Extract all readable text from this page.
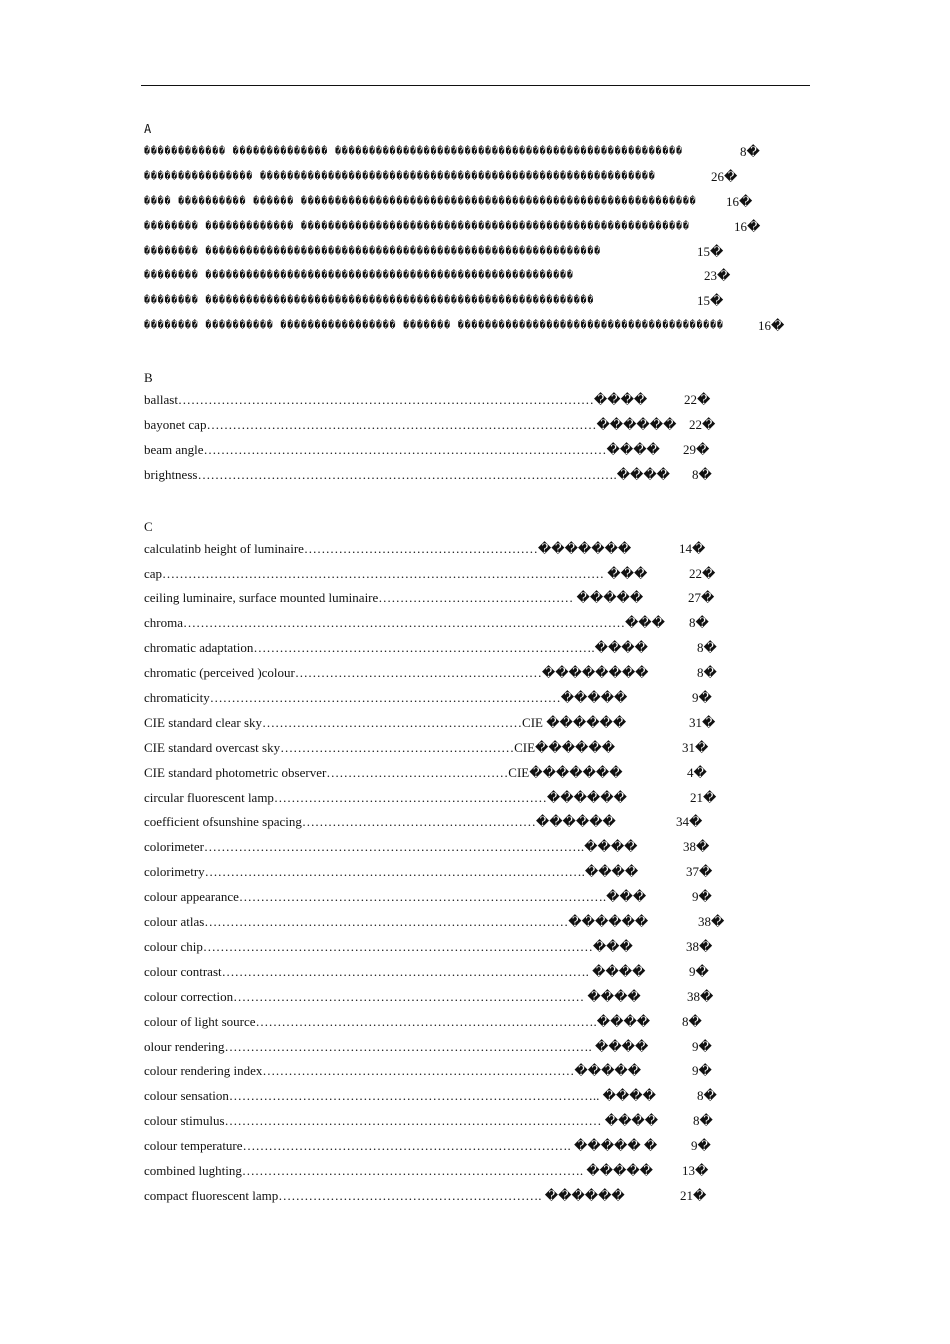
A
������������ �������������� ���������������������������������������������������	8�
���������������� ����������������������������������������������������������	26�
���� ���������� ������ ���������������������������������������������������������� 16�
�������� ������������� ���������������������������������������������������������	16�
�������� ����������������������������������������������������������	15�
�������� ������������������������������������������������������	23�
�������� ���������������������������������������������������������	15�
�������� ���������� ����������������� ������� ���������������������������������������	16�
B
ballast……………………………………………………………………………………����	22�
bayonet cap………………………………………………………………………………������ 22�
beam angle…………………………………………………………………………………���� 29�
brightness…………………………………………………………………………………….���� 8�
C
calculatinb height of luminaire………………………………………………�������	14�
cap………………………………………………………………………………………… ���	22�
ceiling luminaire, surface mounted luminaire……………………………………… �����	27�
chroma…………………………………………………………………………………………��� 8�
chromatic adaptation…………………………………………………………………….����	8�
chromatic (perceived )colour…………………………………………………��������	8�
chromaticity………………………………………………………………………�����	9�
CIE standard clear sky……………………………………………………CIE ������	31�
CIE standard overcast sky………………………………………………CIE������	31�
CIE standard photometric observer……………………………………CIE�������	4�
circular fluorescent lamp………………………………………………………������	21�
coefficient ofsunshine spacing………………………………………………������	34�
colorimeter…………………………………………………………………………….����	38�
colorimetry…………………………………………………………………………….����	37�
colour appearance………………………………………………………………………….���	9�
colour atlas…………………………………………………………………………������	38�
colour chip………………………………………………………………………………���	38�
colour contrast…………………………………………………………………………. ����	9�
colour correction……………………………………………………………………… ����	38�
colour of light source…………………………………………………………………….���� 8�
olour rendering…………………………………………………………………………. ����	9�
colour rendering index………………………………………………………………�����	9�
colour sensation………………………………………………………………………….. ����	8�
colour stimulus…………………………………………………………………………… ����	8�
colour temperature…………………………………………………………………. ����� �	9�
combined lughting……………………………………………………………………. ����� 13�
compact fluorescent lamp……………………………………………………. ������	21�
